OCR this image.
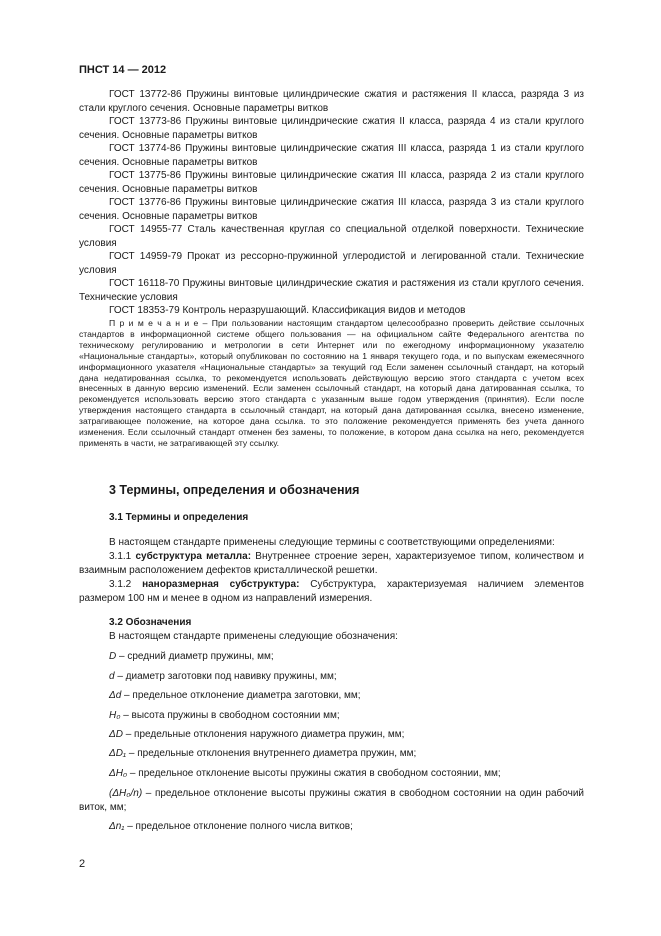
ПНСТ 14 — 2012

ГОСТ 13772-86 Пружины винтовые цилиндрические сжатия и растяжения II класса, разряда 3 из стали круглого сечения. Основные параметры витков

ГОСТ 13773-86 Пружины винтовые цилиндрические сжатия II класса, разряда 4 из стали круглого сечения. Основные параметры витков

ГОСТ 13774-86 Пружины винтовые цилиндрические сжатия III класса, разряда 1 из стали круглого сечения. Основные параметры витков

ГОСТ 13775-86 Пружины винтовые цилиндрические сжатия III класса, разряда 2 из стали круглого сечения. Основные параметры витков

ГОСТ 13776-86 Пружины винтовые цилиндрические сжатия III класса, разряда 3 из стали круглого сечения. Основные параметры витков

ГОСТ 14955-77 Сталь качественная круглая со специальной отделкой поверхности. Технические условия

ГОСТ 14959-79 Прокат из рессорно-пружинной углеродистой и легированной стали. Технические условия

ГОСТ 16118-70 Пружины винтовые цилиндрические сжатия и растяжения из стали круглого сечения. Технические условия

ГОСТ 18353-79 Контроль неразрушающий. Классификация видов и методов

П р и м е ч а н и е – При пользовании настоящим стандартом целесообразно проверить действие ссылочных стандартов в информационной системе общего пользования — на официальном сайте Федерального агентства по техническому регулированию и метрологии в сети Интернет или по ежегодному информационному указателю «Национальные стандарты», который опубликован по состоянию на 1 января текущего года, и по выпускам ежемесячного информационного указателя «Национальные стандарты» за текущий год Если заменен ссылочный стандарт, на который дана недатированная ссылка, то рекомендуется использовать действующую версию этого стандарта с учетом всех внесенных в данную версию изменений. Если заменен ссылочный стандарт, на который дана датированная ссылка, то рекомендуется использовать версию этого стандарта с указанным выше годом утверждения (принятия). Если после утверждения настоящего стандарта в ссылочный стандарт, на который дана датированная ссылка, внесено изменение, затрагивающее положение, на которое дана ссылка. то это положение рекомендуется применять без учета данного изменения. Если ссылочный стандарт отменен без замены, то положение, в котором дана ссылка на него, рекомендуется применять в части, не затрагивающей эту ссылку.

3 Термины, определения и обозначения
3.1 Термины и определения

В настоящем стандарте применены следующие термины с соответствующими определениями:

3.1.1 субструктура металла: Внутреннее строение зерен, характеризуемое типом, количеством и взаимным расположением дефектов кристаллической решетки.

3.1.2 наноразмерная субструктура: Субструктура, характеризуемая наличием элементов размером 100 нм и менее в одном из направлений измерения.

3.2 Обозначения

В настоящем стандарте применены следующие обозначения:

D – средний диаметр пружины, мм;

d – диаметр заготовки под навивку пружины, мм;

Δd – предельное отклонение диаметра заготовки, мм;

H₀ – высота пружины в свободном состоянии мм;

ΔD – предельные отклонения наружного диаметра пружин, мм;

ΔD₁ – предельные отклонения внутреннего диаметра пружин, мм;

ΔH₀ – предельное отклонение высоты пружины сжатия в свободном состоянии, мм;

(ΔH₀/n) – предельное отклонение высоты пружины сжатия в свободном состоянии на один рабочий виток, мм;

Δn₁ – предельное отклонение полного числа витков;

2
